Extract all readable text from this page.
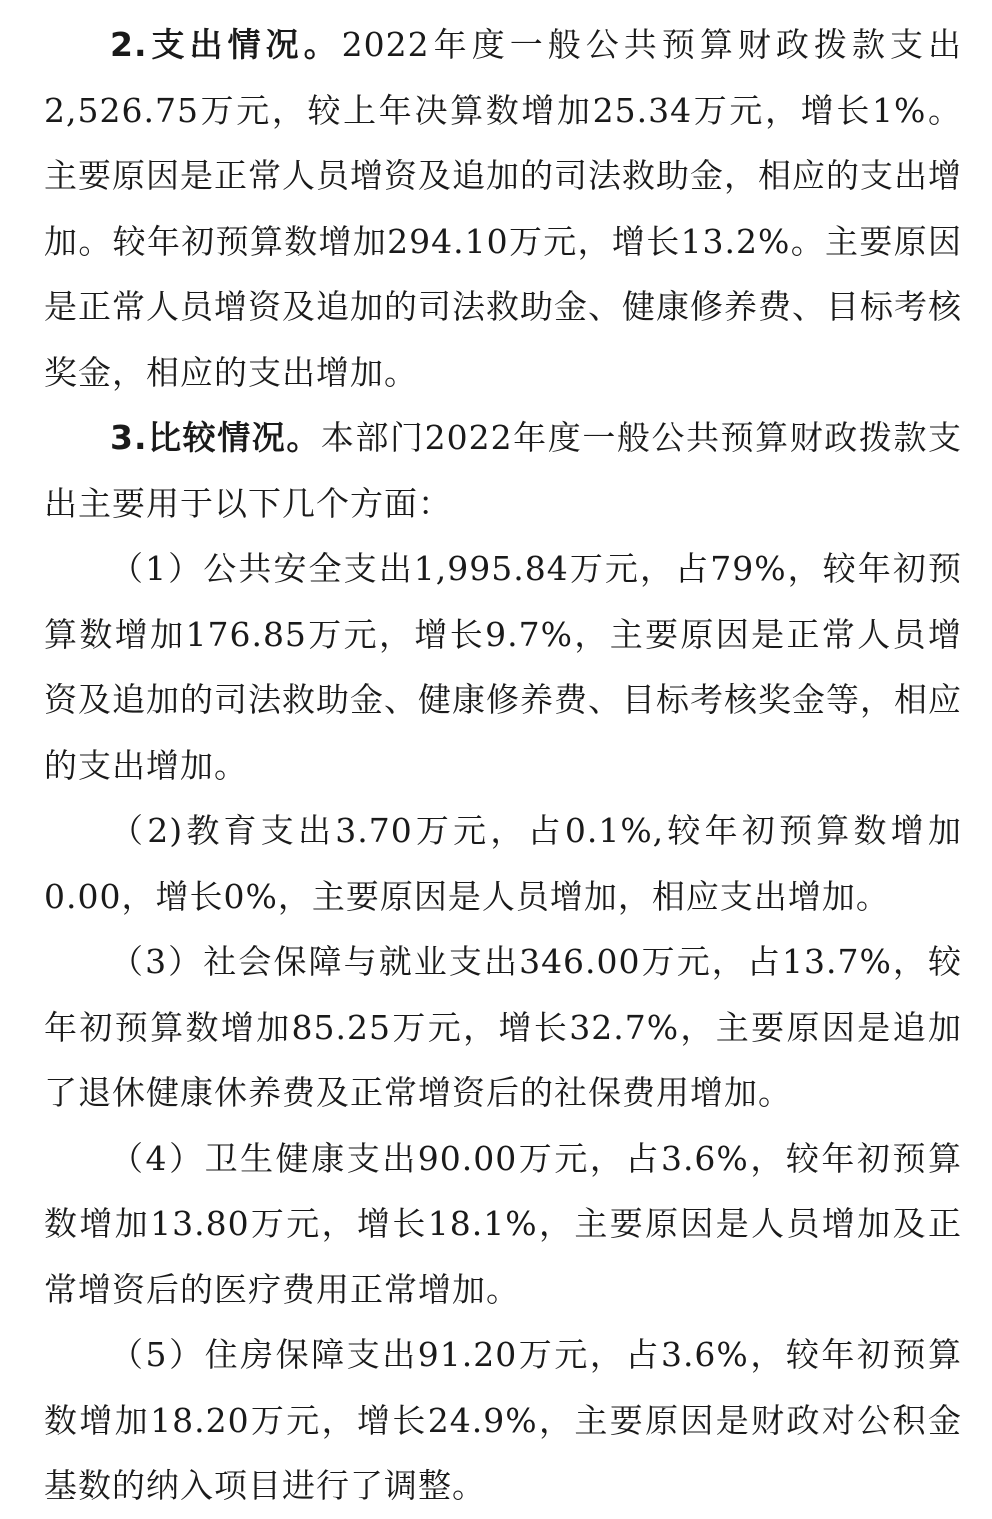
2.支出情况。2022年度一般公共预算财政拨款支出2,526.75万元，较上年决算数增加25.34万元，增长1%。主要原因是正常人员增资及追加的司法救助金，相应的支出增加。较年初预算数增加294.10万元，增长13.2%。主要原因是正常人员增资及追加的司法救助金、健康修养费、目标考核奖金，相应的支出增加。

3.比较情况。本部门2022年度一般公共预算财政拨款支出主要用于以下几个方面：

（1）公共安全支出1,995.84万元，占79%，较年初预算数增加176.85万元，增长9.7%，主要原因是正常人员增资及追加的司法救助金、健康修养费、目标考核奖金等，相应的支出增加。

（2)教育支出3.70万元，占0.1%,较年初预算数增加0.00，增长0%，主要原因是人员增加，相应支出增加。

（3）社会保障与就业支出346.00万元，占13.7%，较年初预算数增加85.25万元，增长32.7%，主要原因是追加了退休健康休养费及正常增资后的社保费用增加。

（4）卫生健康支出90.00万元，占3.6%，较年初预算数增加13.80万元，增长18.1%，主要原因是人员增加及正常增资后的医疗费用正常增加。

（5）住房保障支出91.20万元，占3.6%，较年初预算数增加18.20万元，增长24.9%，主要原因是财政对公积金基数的纳入项目进行了调整。
